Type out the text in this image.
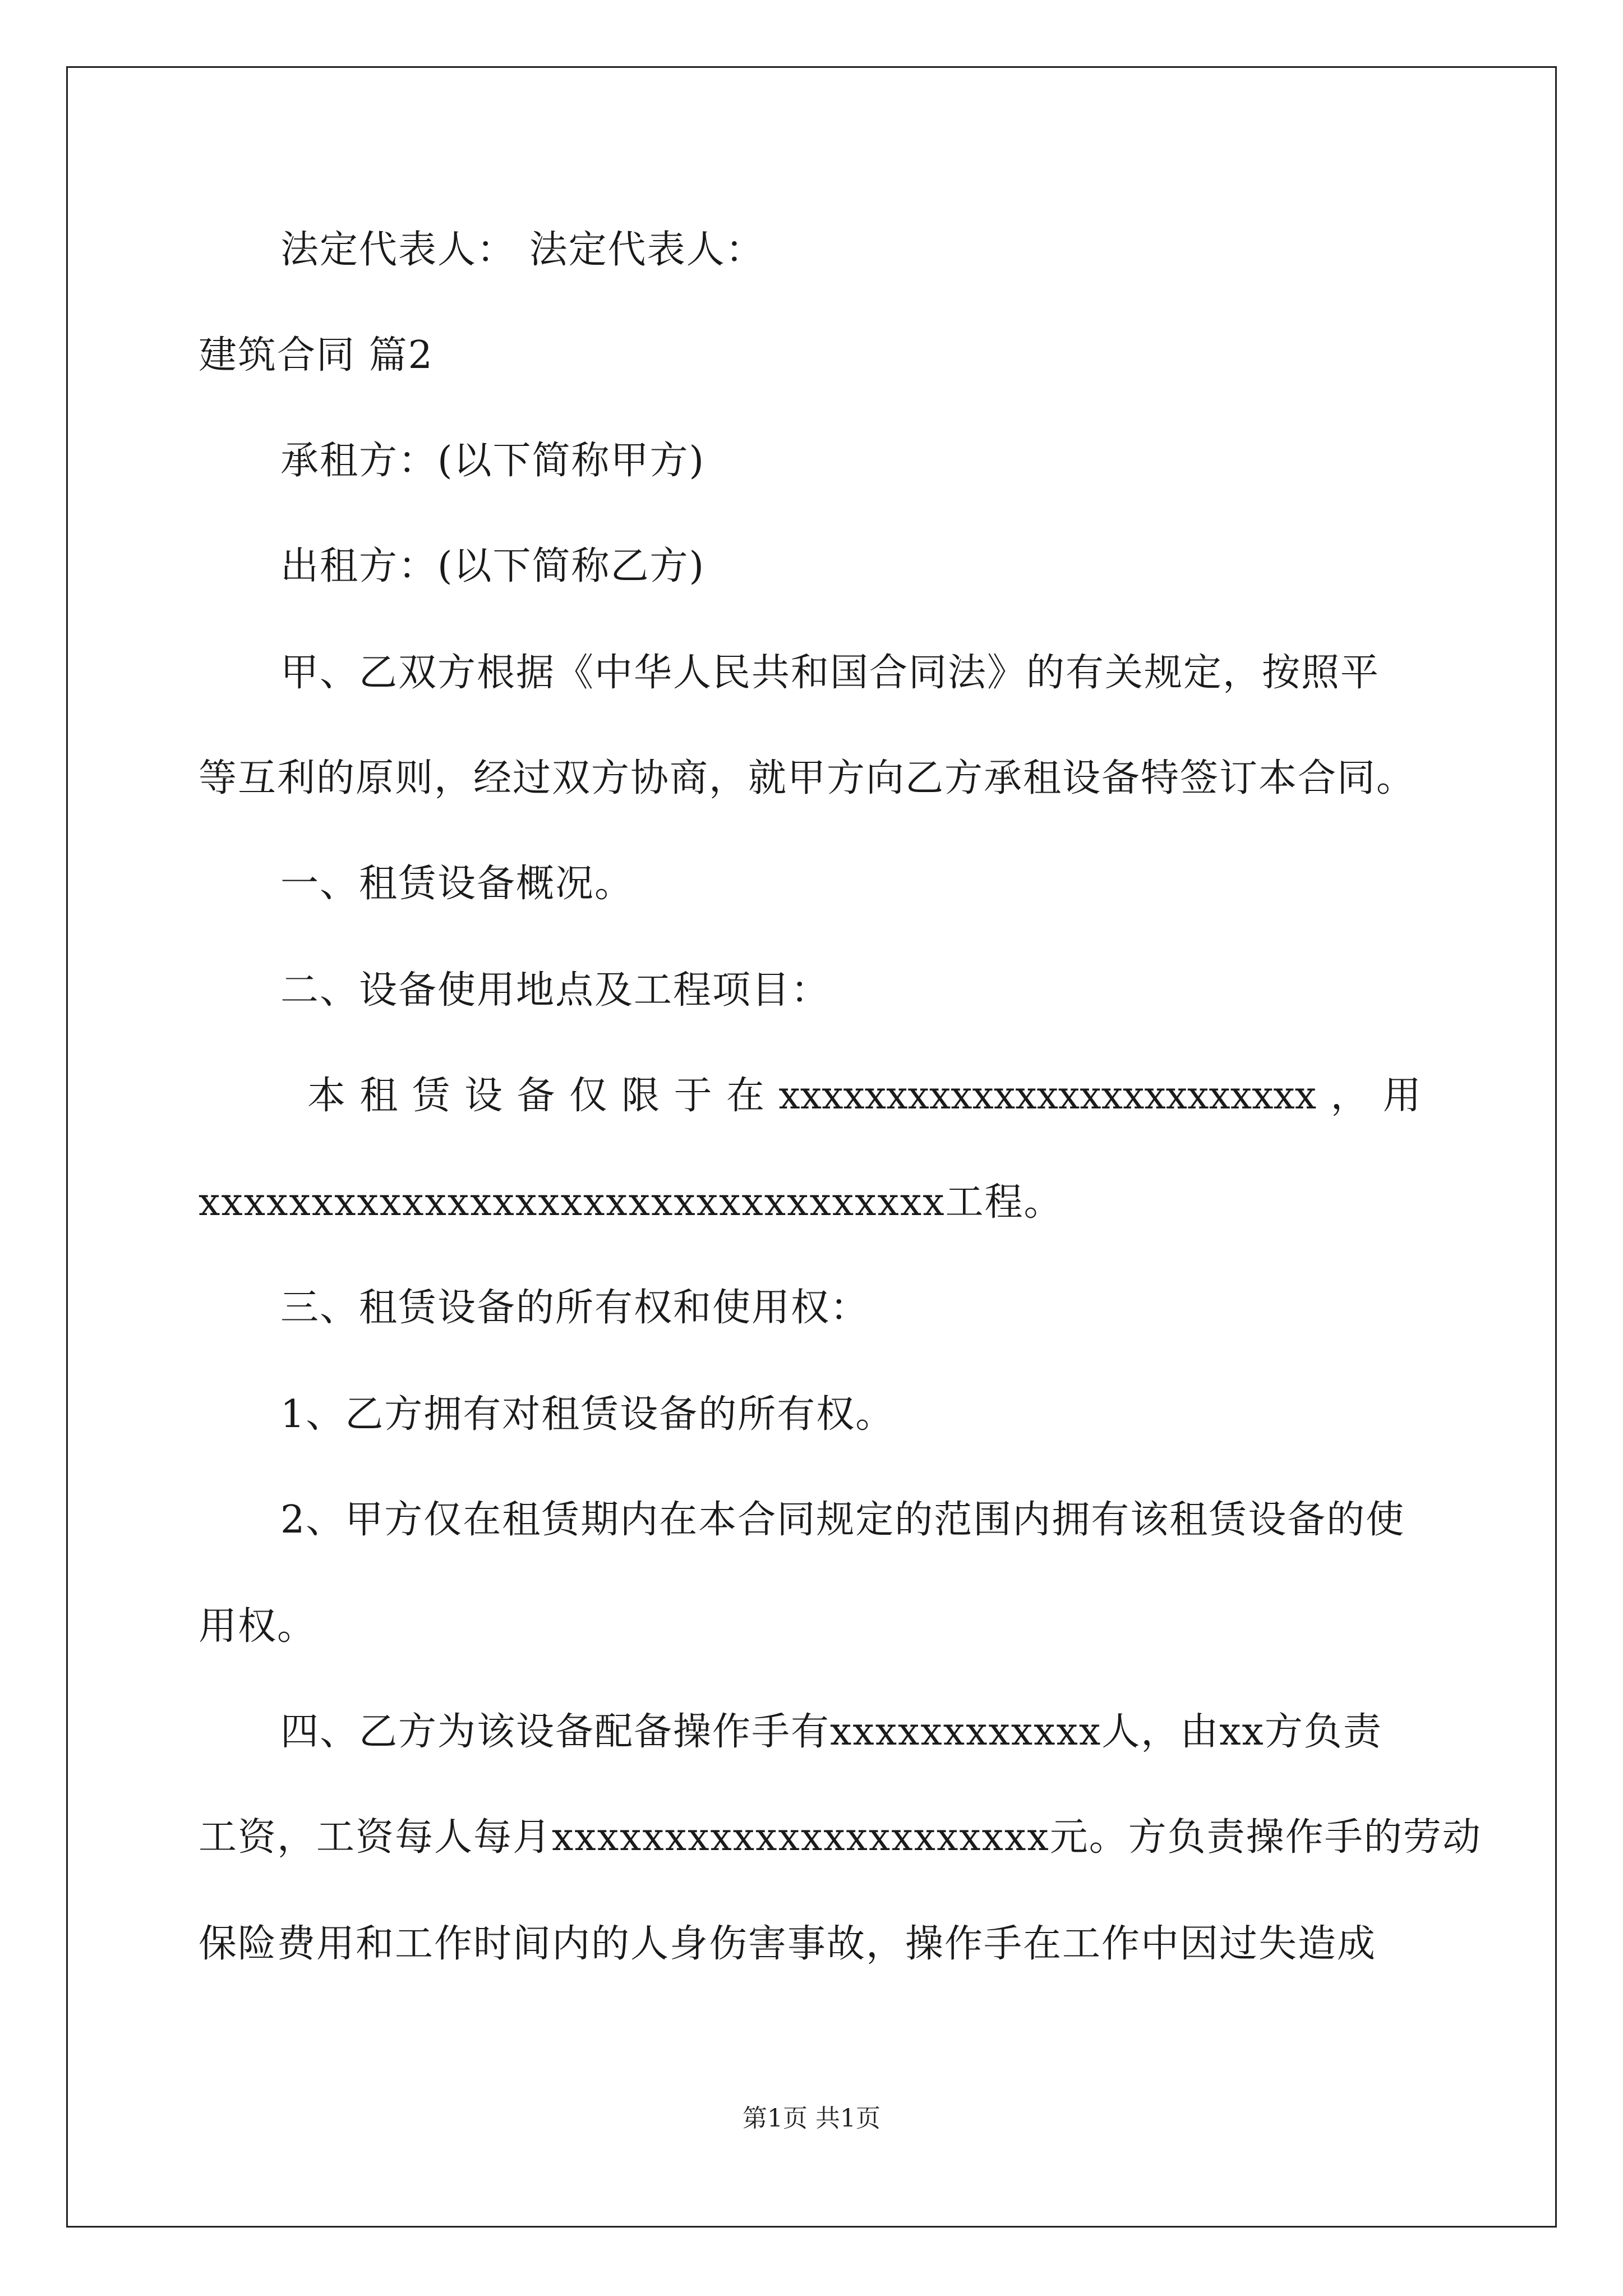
法定代表人： 法定代表人：
建筑合同 篇2
承租方：(以下简称甲方)
出租方：(以下简称乙方)
甲、乙双方根据《中华人民共和国合同法》的有关规定，按照平
等互利的原则，经过双方协商，就甲方向乙方承租设备特签订本合同。
一、租赁设备概况。
二、设备使用地点及工程项目：
本 租 赁 设 备 仅 限 于 在 xxxxxxxxxxxxxxxxxxxxxxxxx ， 用
xxxxxxxxxxxxxxxxxxxxxxxxxxxxxxxxx工程。
三、租赁设备的所有权和使用权：
1、乙方拥有对租赁设备的所有权。
2、甲方仅在租赁期内在本合同规定的范围内拥有该租赁设备的使
用权。
四、乙方为该设备配备操作手有xxxxxxxxxxxx人，由xx方负责
工资，工资每人每月xxxxxxxxxxxxxxxxxxxxxx元。方负责操作手的劳动
保险费用和工作时间内的人身伤害事故，操作手在工作中因过失造成
第1页 共1页
